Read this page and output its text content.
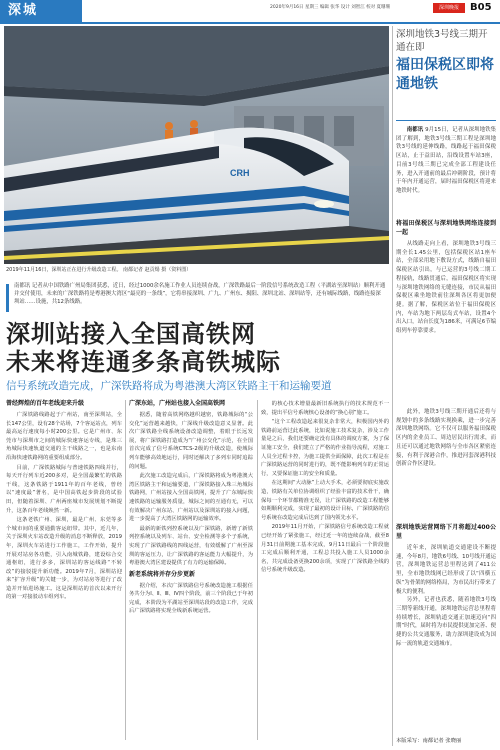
深城	2020年9月16日 星期三 编辑 张华 设计 刘智江 校对 夏珊珊	深圳晚报	B05
CRH
2019年11月16日，深圳站正在进行升级改造工程。 南都记者 赵贡煬 摄（资料图）
南都讯 记者从中国铁路广州局集团获悉，近日，经过1000余名施工作业人员连续奋战，广深铁路最后一阶段信号系统改造工程（平湖站至深圳站）顺利开通并交付使用，未来的广深铁路将是粤港澳大湾区“最亮的一条线”，它将串接深圳、广九、广州东、揭阳、深圳北站、深圳站等，还有城际线路，线路连接深圳站……设施，共12条线路。
深圳站接入全国高铁网
未来将连通多条高铁城际
信号系统改造完成，广深铁路将成为粤港澳大湾区铁路主干和运输要道
曾经辉煌的百年老线迎来升级

广深铁路线路起于广州站，南至深圳站，全长147公里，设有28个站场，7个客运站点，列车最高运行速度每小时200公里。它是广州市、东莞市与深圳市之间的城际快速客运专线，是珠三角城际快速轨道交通的主干线路之一，也是东南沿海快速铁路网的重要组成部分。

目前，广深铁路城际与普速铁路四线并行，每天开行列车近200多对，是全国最繁忙的铁路干线，这条铁路于1911年的百年老线，曾经以“速度最”著名，是中国高铁起步阶段的试验田，但随着深圳、广州两座城市发展规划不断提升，这条百年老线焕然一新。

这条老铁广州、深圳，最是广州、东莞等多个城市间的重要通勤客运纽带。其中，近几年，关于深圳火车站改造升级的消息不断释放，2019年，深圳火车站进行工作施工，工作开始，提升开展对站房各功能，引入南城铁路，建设综合交通枢纽，进行多多，深圳站的客运线路“不转改”的接驳提升新功能。2019年7月，深圳站迎来“扩容升级”的关键一步，为对站房等进行了改造并开始进场施工。这是深圳站的首次以来开行的第一对接驳动车组列车。

广深东站，广州站也接入全国高铁网

据悉，随着高铁网络越织越密，铁路城际的“公交化”运营越来越快，广深线升级改造意义显著。此次广深铁路全线系统设备改造调整，着眼于长远发展，将广深铁路打造成为“广州公交化”示范，在全国首次完成了信号系统CTCS-2级的升级改造，使城际列车能够高效地运行，同时还解决了多列车同时追踪的问题。

此次施工改造完成后，广深铁路将成为粤港澳大湾区铁路主干和运输要道，广深铁路接入珠三角城际铁路网，广州站接入全国高铁网，提升了广东城际快速铁路的运输服务质量，城际之间的互通有无，可以有效解决广州东站、广州站以及深圳站的接入问题，进一步提高了大湾区铁路网的运输效率。

最新的新铁列控系统以及广深铁路，新增了新铁列控系统以及列车、站台、安全检测等多个子系统，实现了广深铁路线的四线运营，有效缓解了广州至深圳的客运压力，让广深铁路的客运能力大幅提升，为粤港澳大湾区建设提供了有力的运输保障。

新老系统将并存分步更新

据介绍，本次广深铁路信号系统改造施工根据任务共分为Ⅰ、Ⅱ、Ⅲ、Ⅳ四个阶段，前三个阶段已于年初完成，本阶段为平湖站至深圳站段的改造工作，完成后广深铁路将实现全线新系统运营。

的核心技术增量最新旧系统执行的技术规范不一致，提出平信号系统核心设备的“换心别”施工。

“这个工程改造起来很复杂非常大，积极国内外的铁路前运营过此系统，比如说施工技术复杂，涉及工作量是之后，我们还要确定没有具体的调度方案，为了保证施工安全，我们建立了严格的作业指导流程，对施工人员全过程卡控，为施工提供全面保障，此次工程是在广深铁路运营的同时进行的，既不能影响列车的正常运行，又要保证施工的安全和质量。

在这期间“大动脉”上动大手术，必须要彻底实施改造，铁路有关单位协调组织了经验丰富的技术骨干，确保每一个环节都精准无误，让广深铁路的改造工程能够如期顺利完成，实现了最初的设计目标，广深铁路的信号系统在改造完成后达到了国内领先水平。

2019年11月开始，广深铁路信号系统改造工程就已经开始了紧张施工，经过近一年的连续奋战，截至8月31日前期施工基本完成，9月11日最后一个阶段施工完成后顺利开通，工程总共投入施工人员1000余名，共完成设备更换200余项，实现了广深铁路全线的信号系统升级改造。

深圳地铁3号线三期开通在即
福田保税区即将通地铁

南都讯 9月15日，记者从深圳地铁集团了解到，地铁3号线三期工程是深圳地铁3号线的延伸线路，线路起于福田保税区站，止于益田站，沿线设置车站3座，目前3号线三期已完成全部工程建设任务，进入开通前的最后冲刺阶段，预计将于年内开通运营，届时福田保税区将迎来地铁时代。

将福田保税区与深圳地铁网络连接到一起

从线路走向上看，深圳地铁3号线三期全长1.45公里，包括保税区站1座车站，全部采用地下敷设方式，线路自福田保税区站引出，与已运营的3号线二期工程接轨，线路贯通后，福田保税区将实现与深圳地铁网络的无缝连接，市民从福田保税区乘坐地铁前往深圳各区将更加便捷。据了解，保税区站位于福田保税区内，车站为地下两层岛式车站，设置4个出入口，站台长度为186米，可满足6节编组列车停靠要求。

此外，地铁3号线三期开通后还将与规划中的多条线路实现换乘，进一步完善深圳地铁网络。它不仅可以服务福田保税区内的企业员工、周边居民出行需求，而且还可以通过地铁网络与全市各区紧密连接，有利于深港合作，推进河套深港科技创新合作区建设。

深圳地铁运营网络下月将超过400公里

近年来，深圳轨道交通建设不断提速，今年8月，地铁6号线、10号线开通运营，深圳地铁运营总里程达到了411公里，全市地铁线网已经形成了以“四横五纵”为骨架的网络格局，为市民出行带来了极大的便利。

另外，记者也获悉，随着地铁3号线三期等新线开通，深圳地铁运营总里程将持续增长，深圳轨道交通正加速迈向“四期”时代，届时将为市民提供更加完善、便捷的公共交通服务，助力深圳建设成为国际一流的轨道交通城市。

本版采写：南都记者 张晓丽
